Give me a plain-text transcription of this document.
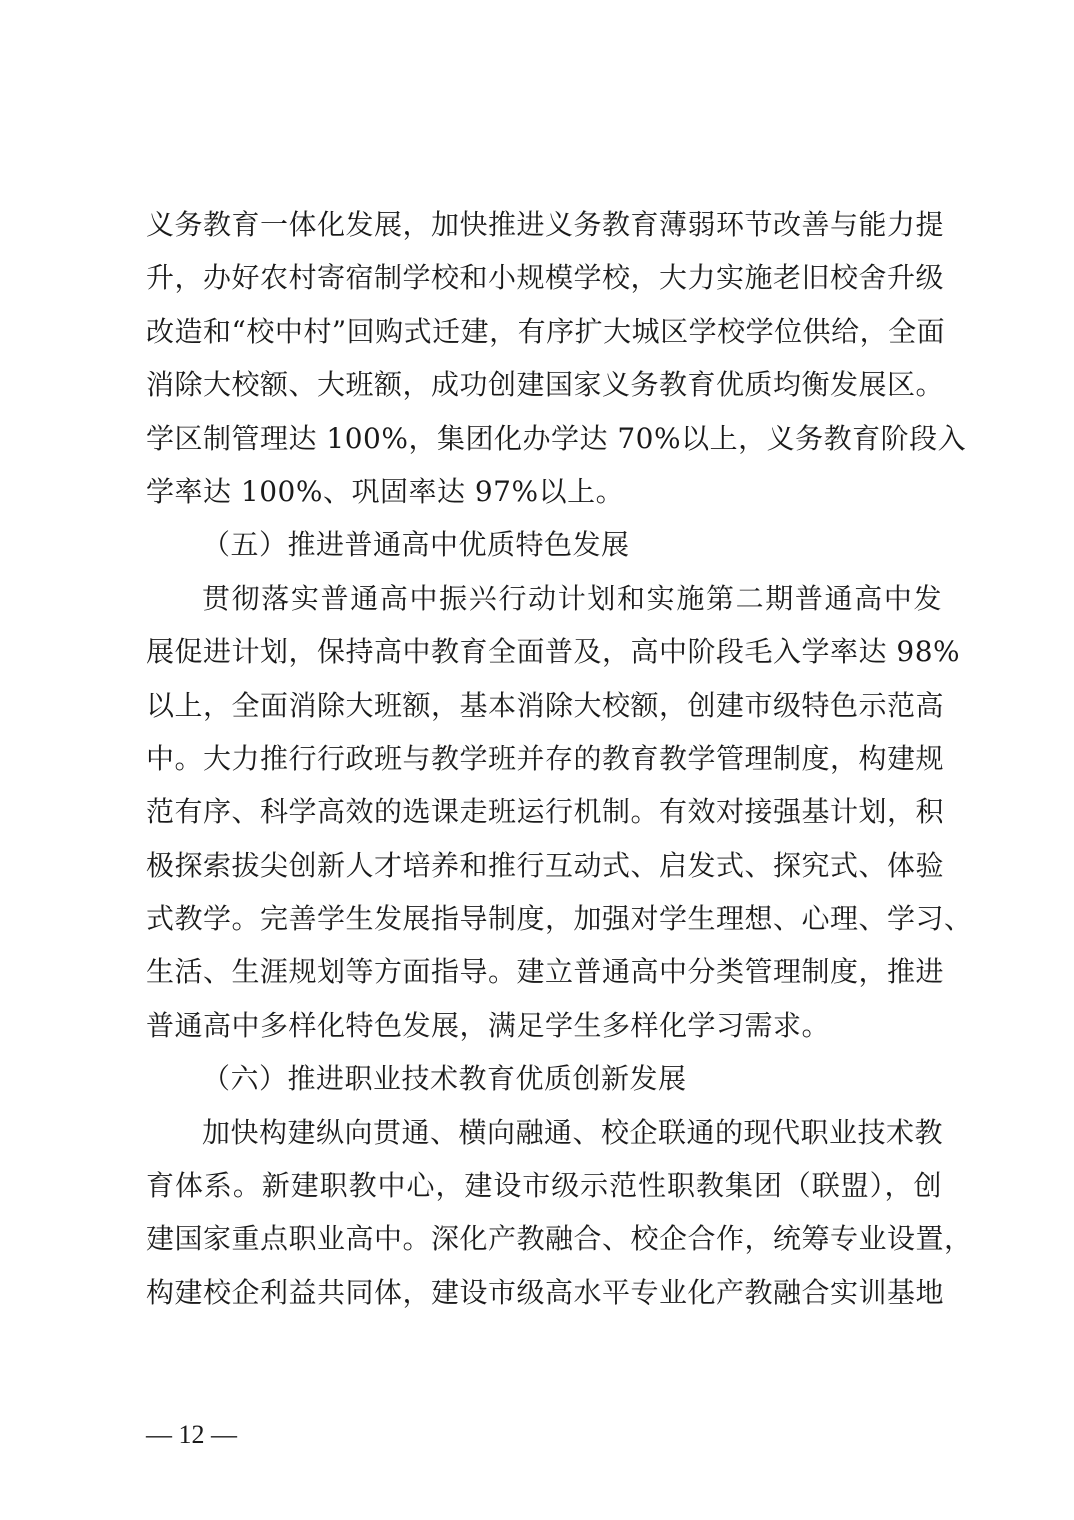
义务教育一体化发展，加快推进义务教育薄弱环节改善与能力提
升，办好农村寄宿制学校和小规模学校，大力实施老旧校舍升级
改造和“校中村”回购式迁建，有序扩大城区学校学位供给，全面
消除大校额、大班额，成功创建国家义务教育优质均衡发展区。
学区制管理达 100%，集团化办学达 70%以上，义务教育阶段入
学率达 100%、巩固率达 97%以上。
（五）推进普通高中优质特色发展
贯彻落实普通高中振兴行动计划和实施第二期普通高中发
展促进计划，保持高中教育全面普及，高中阶段毛入学率达 98%
以上，全面消除大班额，基本消除大校额，创建市级特色示范高
中。大力推行行政班与教学班并存的教育教学管理制度，构建规
范有序、科学高效的选课走班运行机制。有效对接强基计划，积
极探索拔尖创新人才培养和推行互动式、启发式、探究式、体验
式教学。完善学生发展指导制度，加强对学生理想、心理、学习、
生活、生涯规划等方面指导。建立普通高中分类管理制度，推进
普通高中多样化特色发展，满足学生多样化学习需求。
（六）推进职业技术教育优质创新发展
加快构建纵向贯通、横向融通、校企联通的现代职业技术教
育体系。新建职教中心，建设市级示范性职教集团（联盟），创
建国家重点职业高中。深化产教融合、校企合作，统筹专业设置，
构建校企利益共同体，建设市级高水平专业化产教融合实训基地
— 12 —
